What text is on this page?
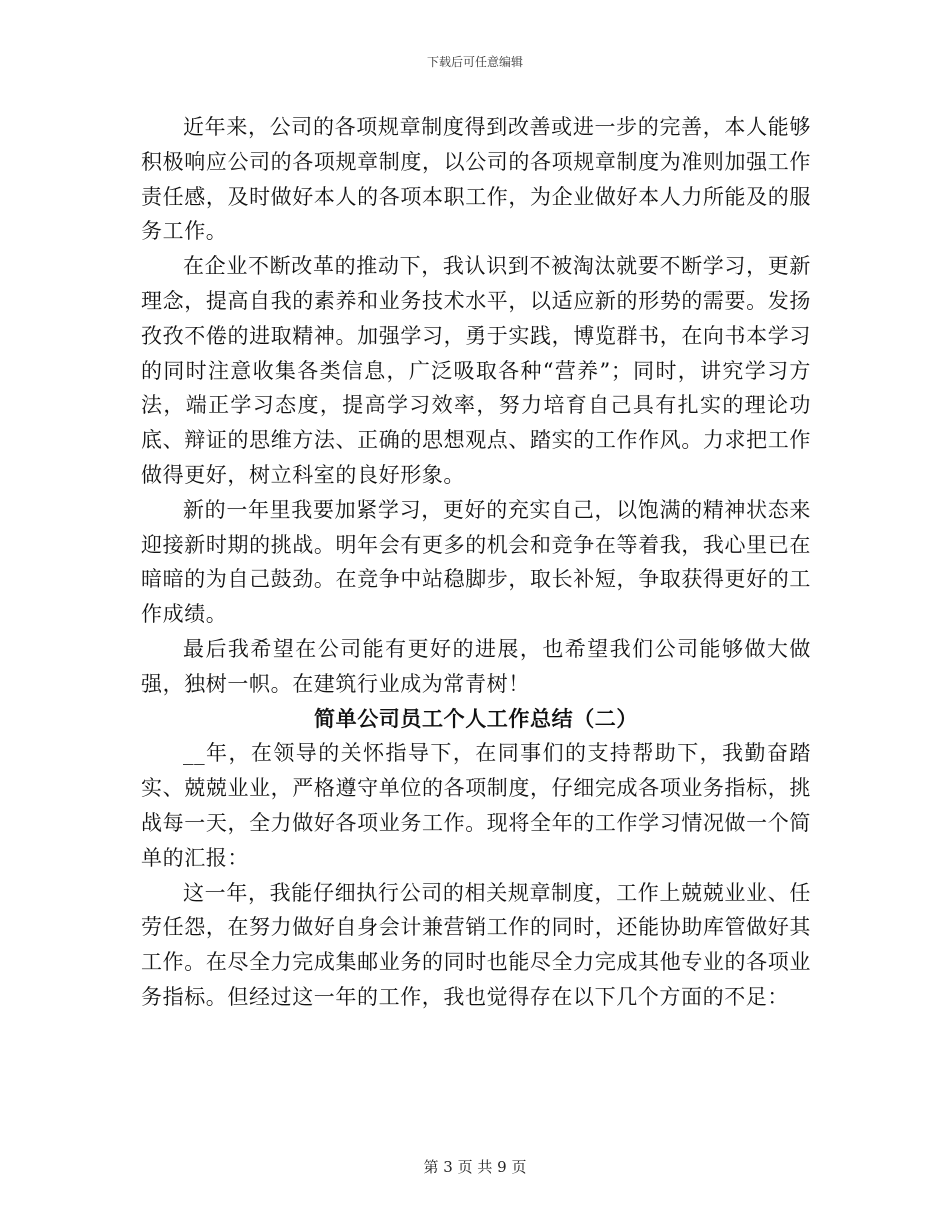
下载后可任意编辑

近年来，公司的各项规章制度得到改善或进一步的完善，本人能够积极响应公司的各项规章制度，以公司的各项规章制度为准则加强工作责任感，及时做好本人的各项本职工作，为企业做好本人力所能及的服务工作。

在企业不断改革的推动下，我认识到不被淘汰就要不断学习，更新理念，提高自我的素养和业务技术水平，以适应新的形势的需要。发扬孜孜不倦的进取精神。加强学习，勇于实践，博览群书，在向书本学习的同时注意收集各类信息，广泛吸取各种“营养”；同时，讲究学习方法，端正学习态度，提高学习效率，努力培育自己具有扎实的理论功底、辩证的思维方法、正确的思想观点、踏实的工作作风。力求把工作做得更好，树立科室的良好形象。

新的一年里我要加紧学习，更好的充实自己，以饱满的精神状态来迎接新时期的挑战。明年会有更多的机会和竞争在等着我，我心里已在暗暗的为自己鼓劲。在竞争中站稳脚步，取长补短，争取获得更好的工作成绩。

最后我希望在公司能有更好的进展，也希望我们公司能够做大做强，独树一帜。在建筑行业成为常青树！

简单公司员工个人工作总结（二）

__年，在领导的关怀指导下，在同事们的支持帮助下，我勤奋踏实、兢兢业业，严格遵守单位的各项制度，仔细完成各项业务指标，挑战每一天，全力做好各项业务工作。现将全年的工作学习情况做一个简单的汇报：

这一年，我能仔细执行公司的相关规章制度，工作上兢兢业业、任劳任怨，在努力做好自身会计兼营销工作的同时，还能协助库管做好其工作。在尽全力完成集邮业务的同时也能尽全力完成其他专业的各项业务指标。但经过这一年的工作，我也觉得存在以下几个方面的不足：

第 3 页 共 9 页
